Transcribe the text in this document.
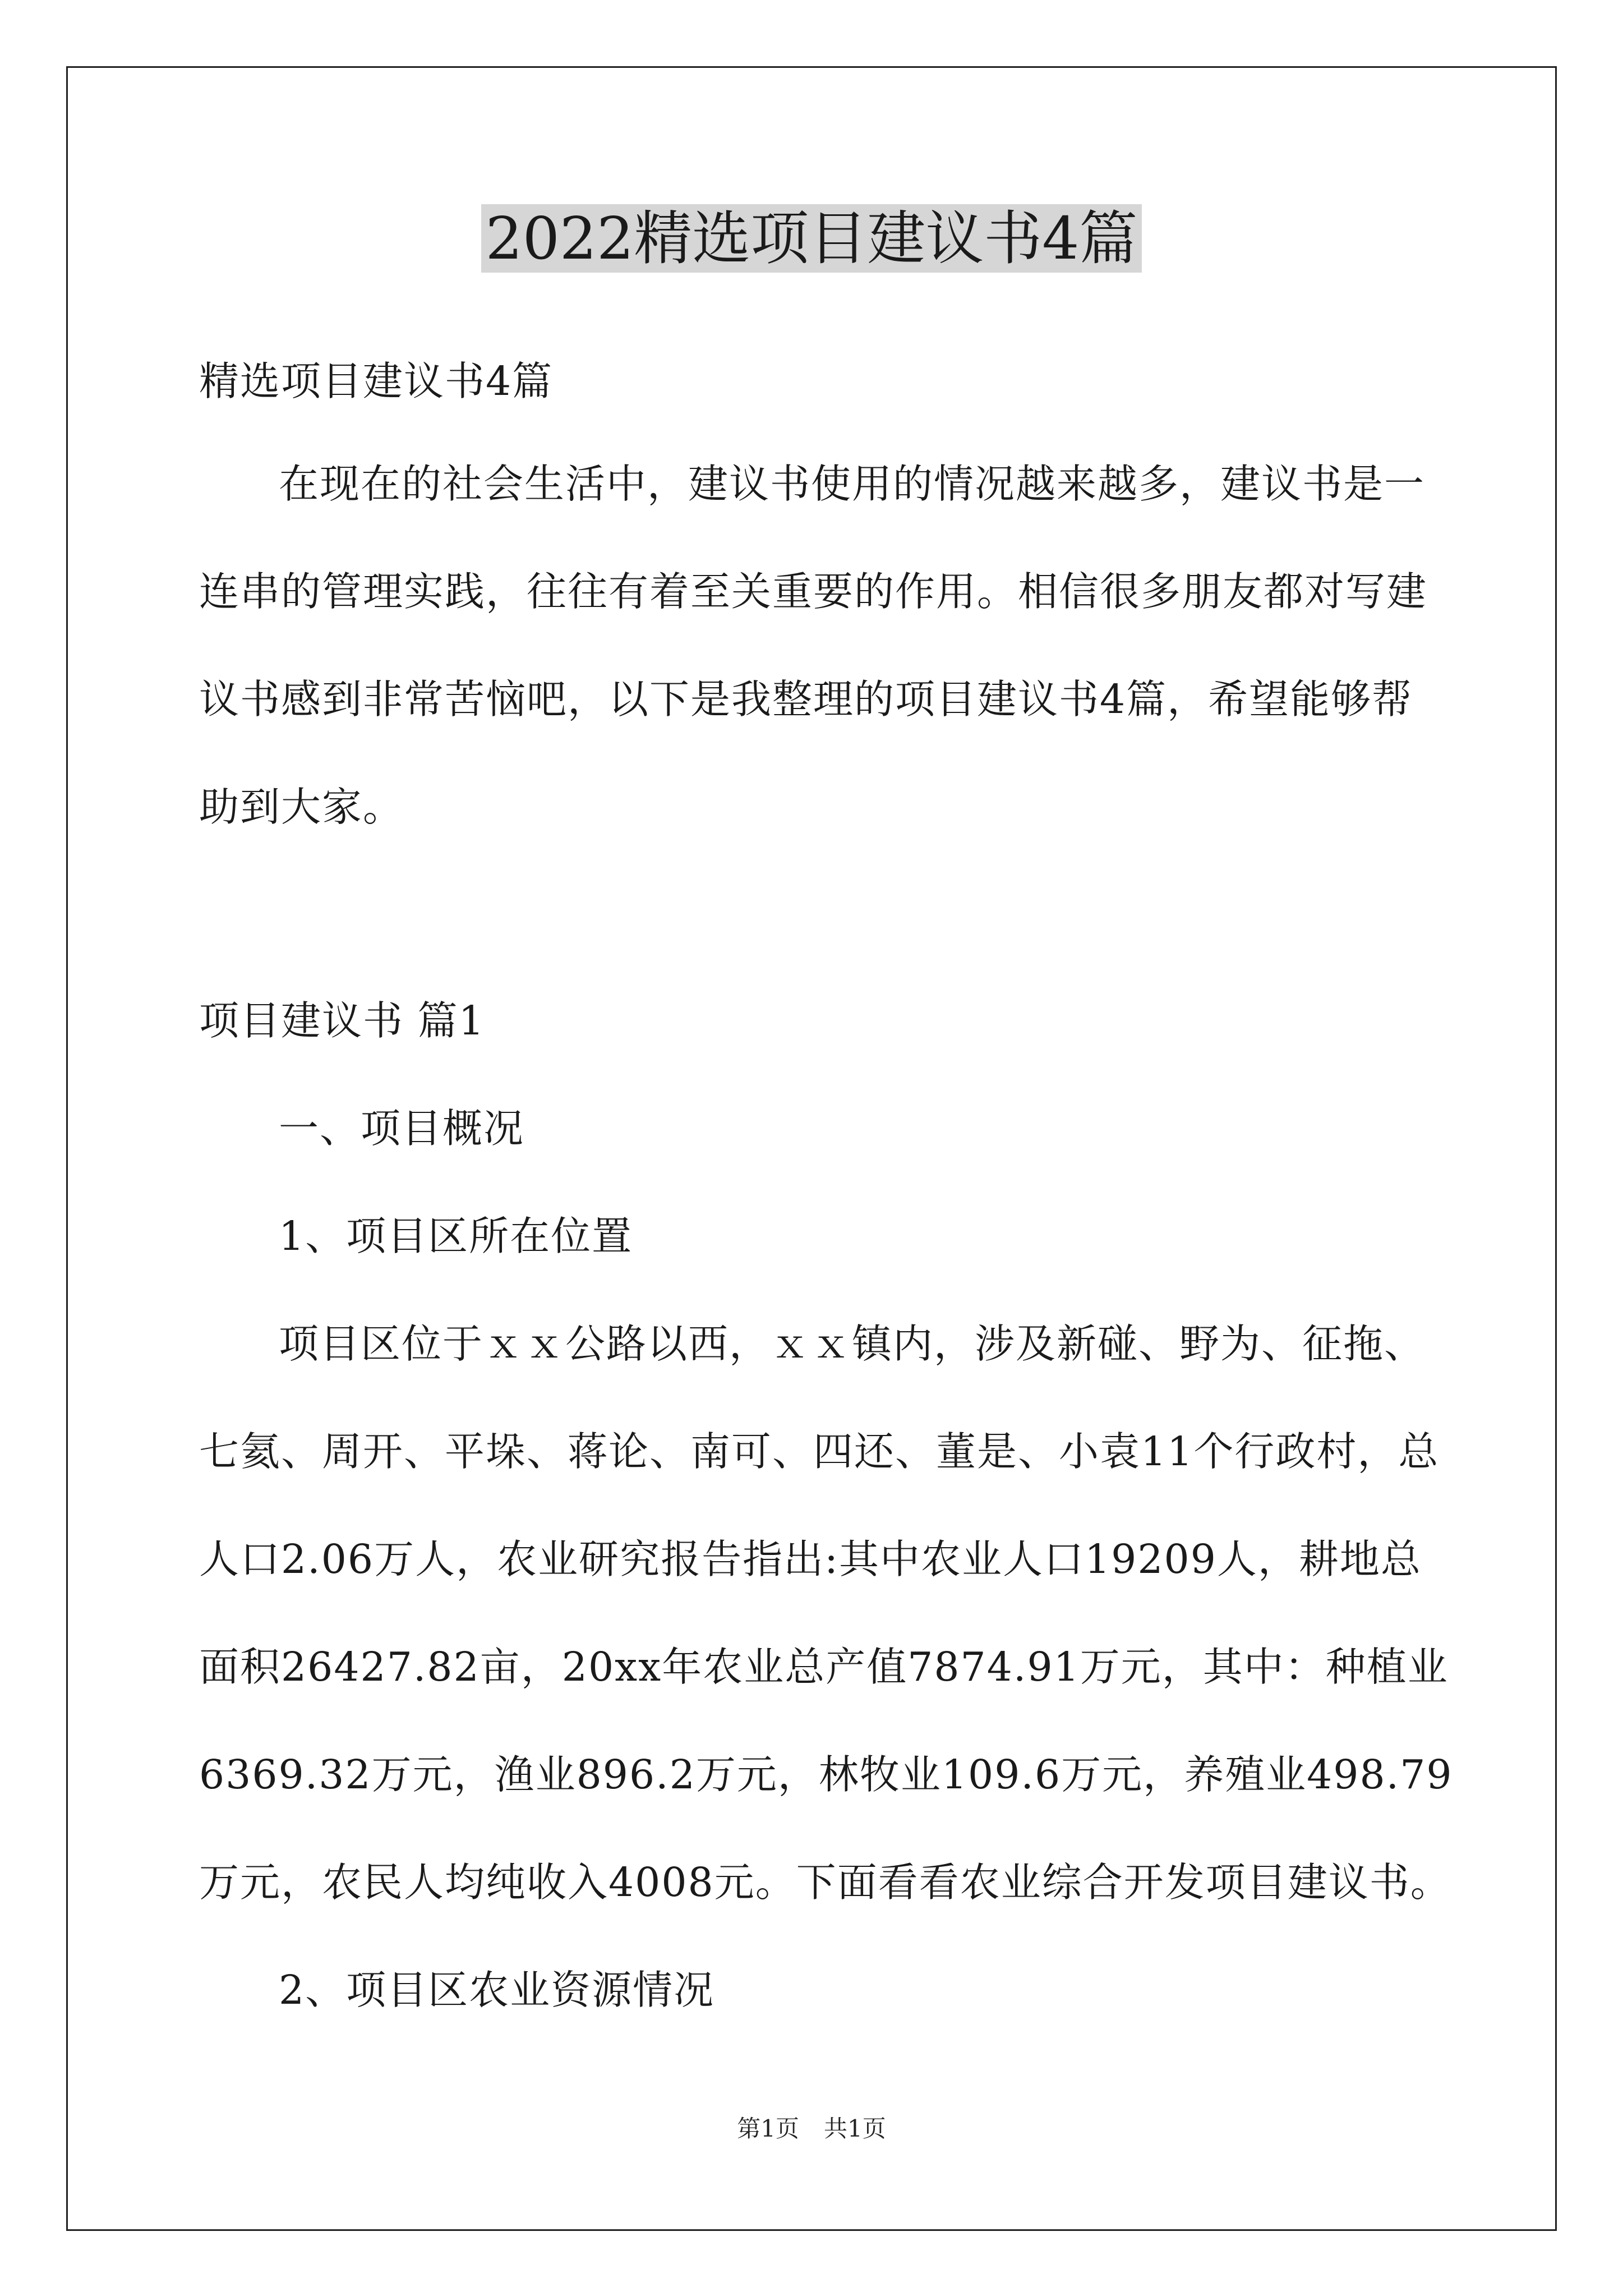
2022精选项目建议书4篇

精选项目建议书4篇

在现在的社会生活中，建议书使用的情况越来越多，建议书是一

连串的管理实践，往往有着至关重要的作用。相信很多朋友都对写建

议书感到非常苦恼吧，以下是我整理的项目建议书4篇，希望能够帮

助到大家。

项目建议书 篇1

一、项目概况

1、项目区所在位置

项目区位于ｘｘ公路以西，ｘｘ镇内，涉及新碰、野为、征拖、

七氦、周开、平垛、蒋论、南可、四还、董是、小袁11个行政村，总

人口2.06万人，农业研究报告指出:其中农业人口19209人，耕地总

面积26427.82亩，20xx年农业总产值7874.91万元，其中：种植业

6369.32万元，渔业896.2万元，林牧业109.6万元，养殖业498.79

万元，农民人均纯收入4008元。下面看看农业综合开发项目建议书。

2、项目区农业资源情况

第1页 共1页
